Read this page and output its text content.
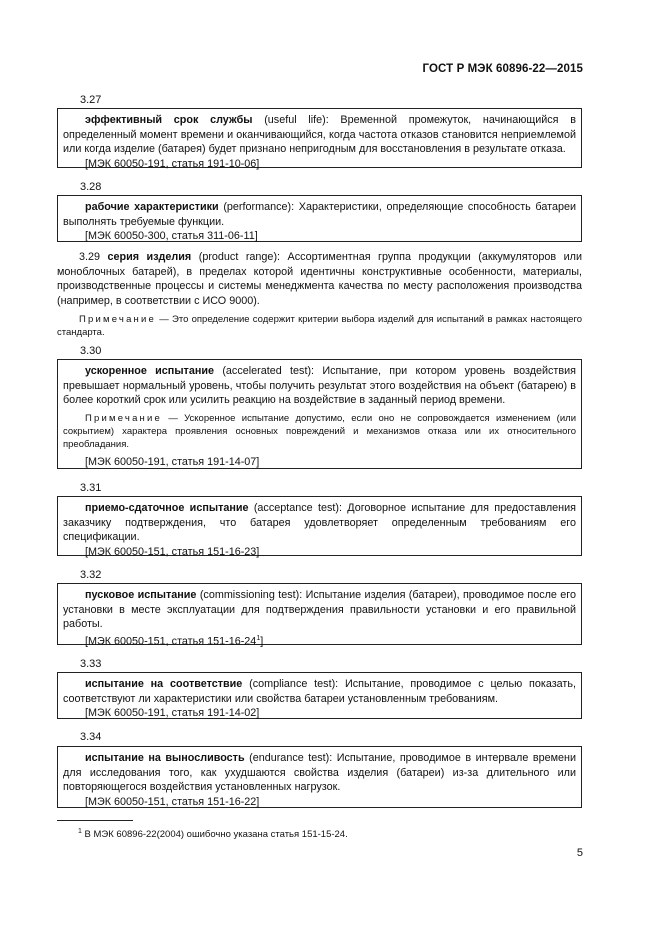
ГОСТ Р МЭК 60896-22—2015
3.27

эффективный срок службы (useful life): Временной промежуток, начинающийся в определенный момент времени и оканчивающийся, когда частота отказов становится неприемлемой или когда изделие (батарея) будет признано непригодным для восстановления в результате отказа.

[МЭК 60050-191, статья 191-10-06]
3.28

рабочие характеристики (performance): Характеристики, определяющие способность батареи выполнять требуемые функции.

[МЭК 60050-300, статья 311-06-11]

3.29 серия изделия (product range): Ассортиментная группа продукции (аккумуляторов или моноблочных батарей), в пределах которой идентичны конструктивные особенности, материалы, производственные процессы и системы менеджмента качества по месту расположения производства (например, в соответствии с ИСО 9000).

Примечание — Это определение содержит критерии выбора изделий для испытаний в рамках настоящего стандарта.

3.30

ускоренное испытание (accelerated test): Испытание, при котором уровень воздействия превышает нормальный уровень, чтобы получить результат этого воздействия на объект (батарею) в более короткий срок или усилить реакцию на воздействие в заданный период времени.

Примечание — Ускоренное испытание допустимо, если оно не сопровождается изменением (или сокрытием) характера проявления основных повреждений и механизмов отказа или их относительного преобладания.

[МЭК 60050-191, статья 191-14-07]
3.31

приемо-сдаточное испытание (acceptance test): Договорное испытание для предоставления заказчику подтверждения, что батарея удовлетворяет определенным требованиям его спецификации.

[МЭК 60050-151, статья 151-16-23]
3.32

пусковое испытание (commissioning test): Испытание изделия (батареи), проводимое после его установки в месте эксплуатации для подтверждения правильности установки и его правильной работы.

[МЭК 60050-151, статья $151-16-24^1$]
3.33

испытание на соответствие (compliance test): Испытание, проводимое с целью показать, соответствуют ли характеристики или свойства батареи установленным требованиям.

[МЭК 60050-191, статья 191-14-02]
3.34

испытание на выносливость (endurance test): Испытание, проводимое в интервале времени для исследования того, как ухудшаются свойства изделия (батареи) из-за длительного или повторяющегося воздействия установленных нагрузок.

[МЭК 60050-151, статья 151-16-22]
$^1$ В МЭК 60896-22(2004) ошибочно указана статья 151-15-24.
5
